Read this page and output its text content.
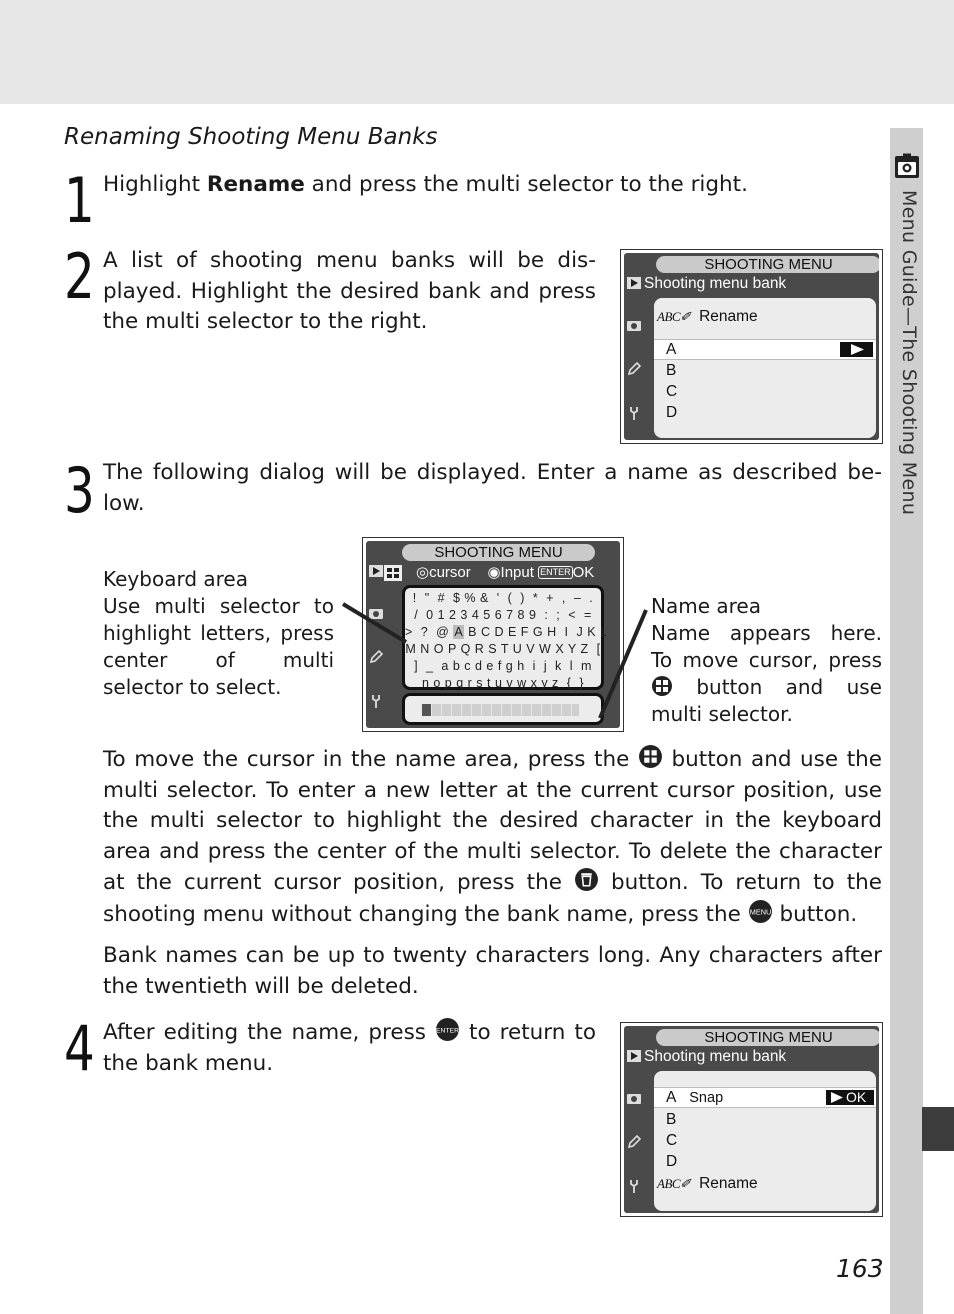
Menu Guide—The Shooting Menu
Renaming Shooting Menu Banks
1 Highlight Rename and press the multi selector to the right.
2 A list of shooting menu banks will be dis-played. Highlight the desired bank and press the multi selector to the right.
SHOOTING MENU
Shooting menu bank
ABC✐ Rename
A
B
C
D
3 The following dialog will be displayed. Enter a name as described be-low.
Keyboard area
Use multi selector to highlight letters, press center of multi selector to select.
Name area
Name appears here. To move cursor, press  button and use multi selector.
SHOOTING MENU
◎cursor ◉Input ENTER OK
!  "  #  $ % &  '  (  )  *  +  ,  –  .
/  0 1 2 3 4 5 6 7 8 9  :  ;  <  =
>  ?  @ A B C D E F G H  I  J K L
M N O P Q R S T U V W X Y Z  [
]  _  a b c d e f g h  i  j  k  l  m
n o p q r s t u v w x y z  {  }
To move the cursor in the name area, press the  button and use the multi selector. To enter a new letter at the current cursor position, use the multi selector to highlight the desired character in the keyboard area and press the center of the multi selector. To delete the character at the current cursor position, press the  button. To return to the shooting menu without changing the bank name, press the MENU button.
Bank names can be up to twenty characters long. Any characters after the twentieth will be deleted.
4 After editing the name, press ENTER to return to the bank menu.
SHOOTING MENU
Shooting menu bank
A Snap	OK
B
C
D
ABC✐ Rename
163
